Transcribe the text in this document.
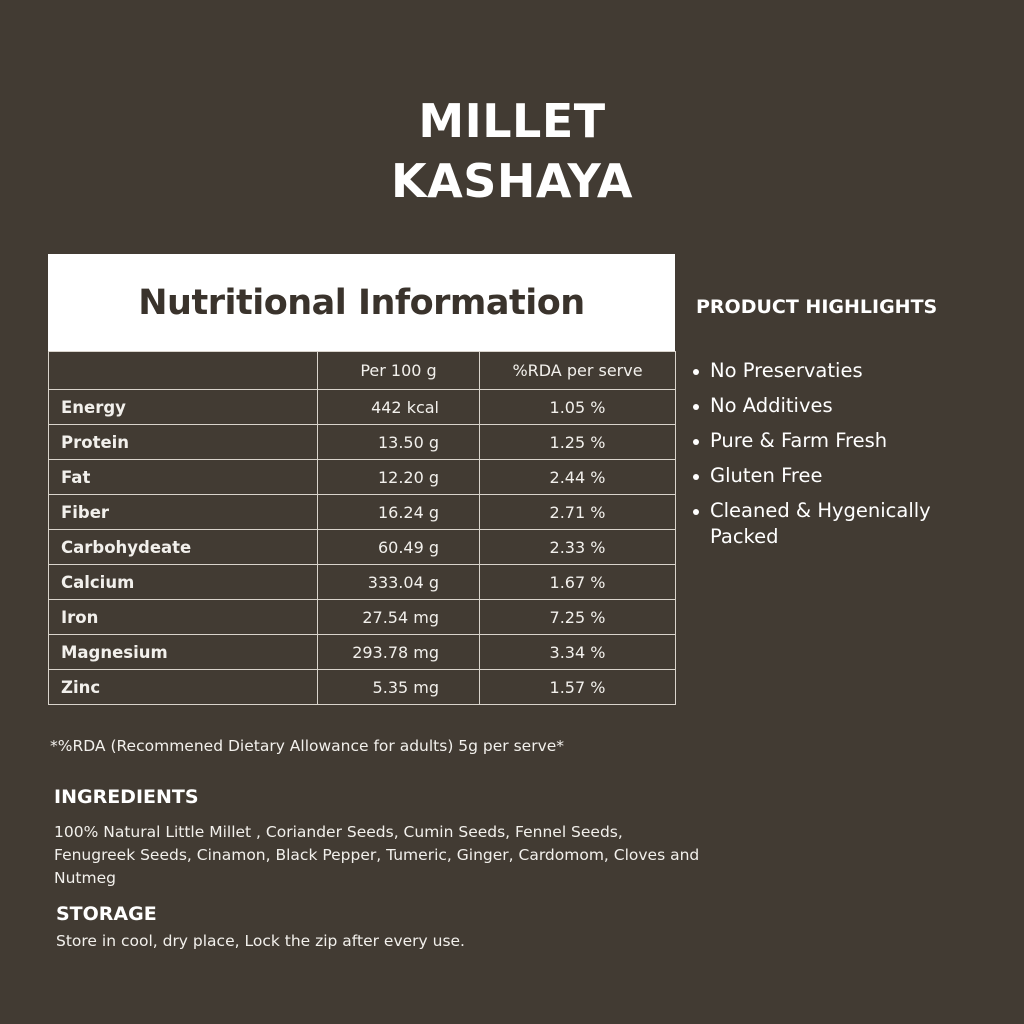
MILLET
KASHAYA
Nutritional Information
	Per 100 g	%RDA per serve
Energy	442 kcal	1.05 %
Protein	13.50 g	1.25 %
Fat	12.20 g	2.44 %
Fiber	16.24 g	2.71 %
Carbohydeate	60.49 g	2.33 %
Calcium	333.04 g	1.67 %
Iron	27.54 mg	7.25 %
Magnesium	293.78 mg	3.34 %
Zinc	5.35 mg	1.57 %
*%RDA (Recommened Dietary Allowance for adults) 5g per serve*
INGREDIENTS
100% Natural Little Millet , Coriander Seeds, Cumin Seeds, Fennel Seeds, Fenugreek Seeds, Cinamon, Black Pepper, Tumeric, Ginger, Cardomom, Cloves and Nutmeg
STORAGE
Store in cool, dry place, Lock the zip after every use.
PRODUCT HIGHLIGHTS
No Preservaties
No Additives
Pure & Farm Fresh
Gluten Free
Cleaned & Hygenically Packed
